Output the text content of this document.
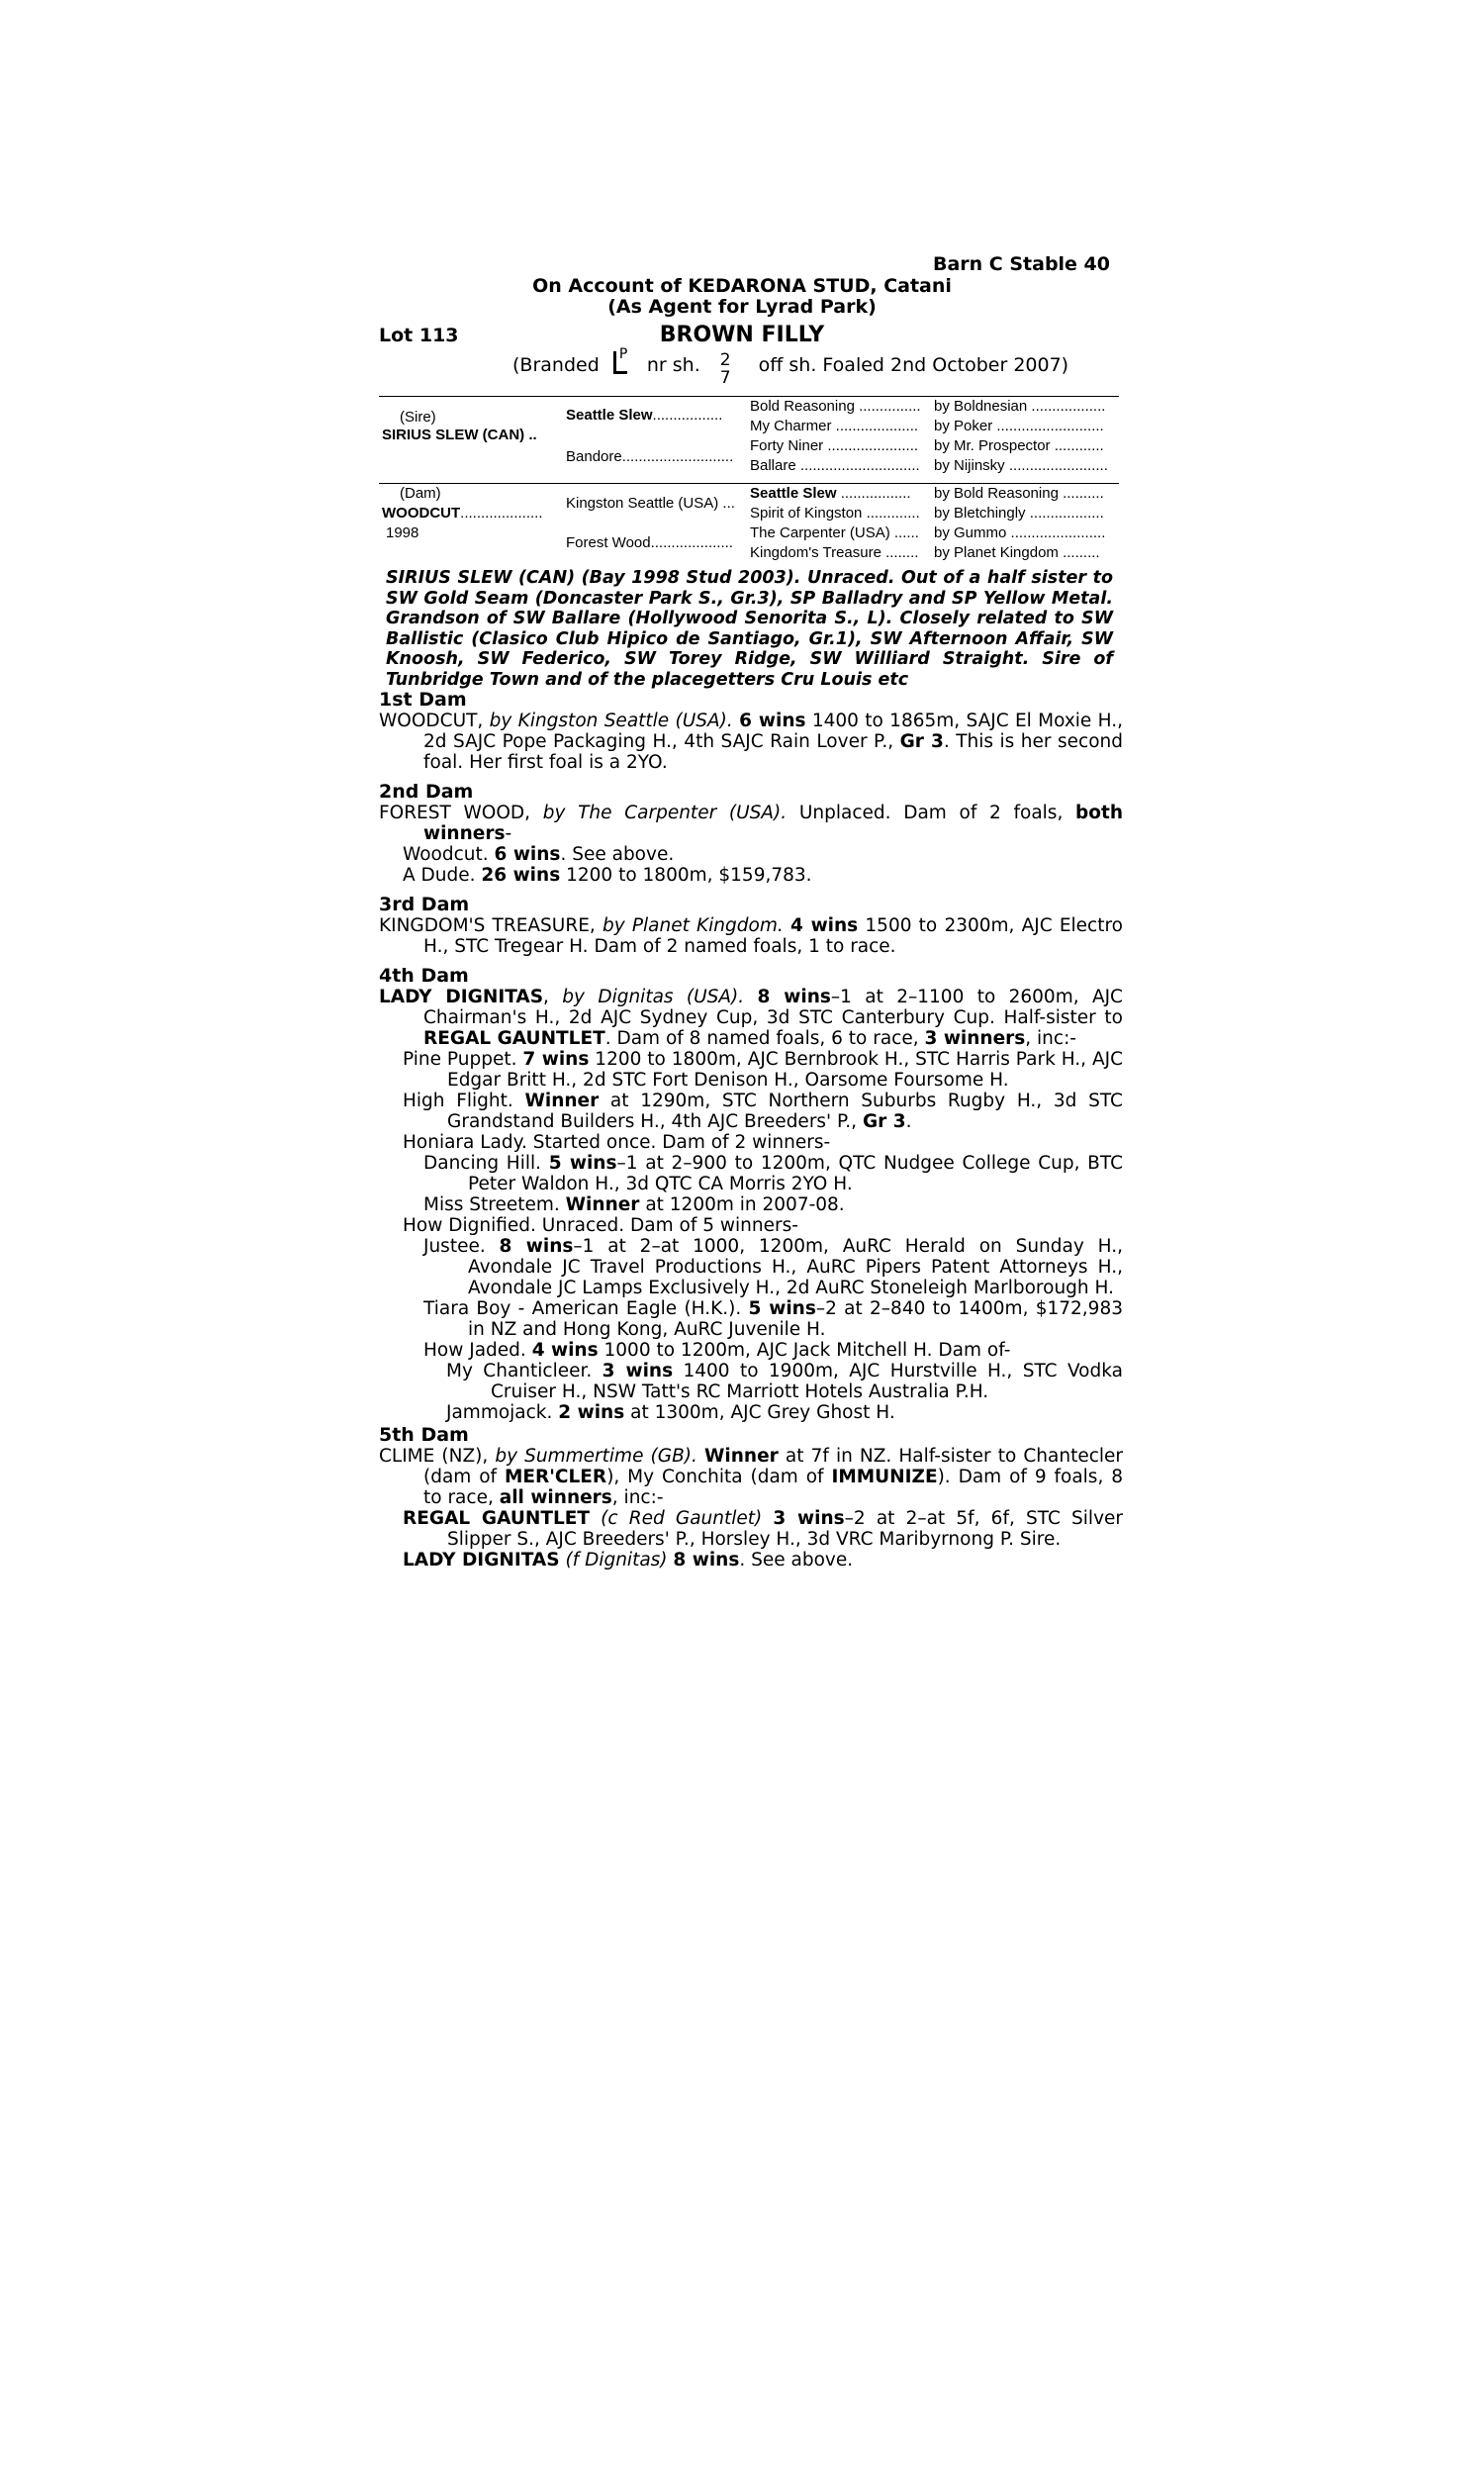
Barn C Stable 40
On Account of KEDARONA STUD, Catani
(As Agent for Lyrad Park)
Lot 113	BROWN FILLY
(Branded P nr sh. 2
7
off sh. Foaled 2nd October 2007)
(Sire)
SIRIUS SLEW (CAN) ..
(Dam)
WOODCUT....................
1998
Seattle Slew.................
Bandore...........................
Kingston Seattle (USA) ...
Forest Wood....................
Bold Reasoning ...............
My Charmer ....................
Forty Niner ......................
Ballare .............................
Seattle Slew .................
Spirit of Kingston .............
The Carpenter (USA) ......
Kingdom's Treasure ........
by Boldnesian ..................
by Poker ..........................
by Mr. Prospector ............
by Nijinsky ........................
by Bold Reasoning ..........
by Bletchingly ..................
by Gummo .......................
by Planet Kingdom .........
SIRIUS SLEW (CAN) (Bay 1998 Stud 2003). Unraced. Out of a half sister to SW Gold Seam (Doncaster Park S., Gr.3), SP Balladry and SP Yellow Metal. Grandson of SW Ballare (Hollywood Senorita S., L). Closely related to SW Ballistic (Clasico Club Hipico de Santiago, Gr.1), SW Afternoon Affair, SW Knoosh, SW Federico, SW Torey Ridge, SW Williard Straight. Sire of Tunbridge Town and of the placegetters Cru Louis etc
1st Dam
WOODCUT, by Kingston Seattle (USA). 6 wins 1400 to 1865m, SAJC El Moxie H., 2d SAJC Pope Packaging H., 4th SAJC Rain Lover P., Gr 3. This is her second foal. Her first foal is a 2YO.
2nd Dam
FOREST WOOD, by The Carpenter (USA). Unplaced. Dam of 2 foals, both winners-
Woodcut. 6 wins. See above.
A Dude. 26 wins 1200 to 1800m, $159,783.
3rd Dam
KINGDOM'S TREASURE, by Planet Kingdom. 4 wins 1500 to 2300m, AJC Electro H., STC Tregear H. Dam of 2 named foals, 1 to race.
4th Dam
LADY DIGNITAS, by Dignitas (USA). 8 wins–1 at 2–1100 to 2600m, AJC Chairman's H., 2d AJC Sydney Cup, 3d STC Canterbury Cup. Half-sister to REGAL GAUNTLET. Dam of 8 named foals, 6 to race, 3 winners, inc:-
Pine Puppet. 7 wins 1200 to 1800m, AJC Bernbrook H., STC Harris Park H., AJC Edgar Britt H., 2d STC Fort Denison H., Oarsome Foursome H.
High Flight. Winner at 1290m, STC Northern Suburbs Rugby H., 3d STC Grandstand Builders H., 4th AJC Breeders' P., Gr 3.
Honiara Lady. Started once. Dam of 2 winners-
Dancing Hill. 5 wins–1 at 2–900 to 1200m, QTC Nudgee College Cup, BTC Peter Waldon H., 3d QTC CA Morris 2YO H.
Miss Streetem. Winner at 1200m in 2007-08.
How Dignified. Unraced. Dam of 5 winners-
Justee. 8 wins–1 at 2–at 1000, 1200m, AuRC Herald on Sunday H., Avondale JC Travel Productions H., AuRC Pipers Patent Attorneys H., Avondale JC Lamps Exclusively H., 2d AuRC Stoneleigh Marlborough H.
Tiara Boy - American Eagle (H.K.). 5 wins–2 at 2–840 to 1400m, $172,983 in NZ and Hong Kong, AuRC Juvenile H.
How Jaded. 4 wins 1000 to 1200m, AJC Jack Mitchell H. Dam of-
My Chanticleer. 3 wins 1400 to 1900m, AJC Hurstville H., STC Vodka Cruiser H., NSW Tatt's RC Marriott Hotels Australia P.H.
Jammojack. 2 wins at 1300m, AJC Grey Ghost H.
5th Dam
CLIME (NZ), by Summertime (GB). Winner at 7f in NZ. Half-sister to Chantecler (dam of MER'CLER), My Conchita (dam of IMMUNIZE). Dam of 9 foals, 8 to race, all winners, inc:-
REGAL GAUNTLET (c Red Gauntlet) 3 wins–2 at 2–at 5f, 6f, STC Silver Slipper S., AJC Breeders' P., Horsley H., 3d VRC Maribyrnong P. Sire.
LADY DIGNITAS (f Dignitas) 8 wins. See above.
